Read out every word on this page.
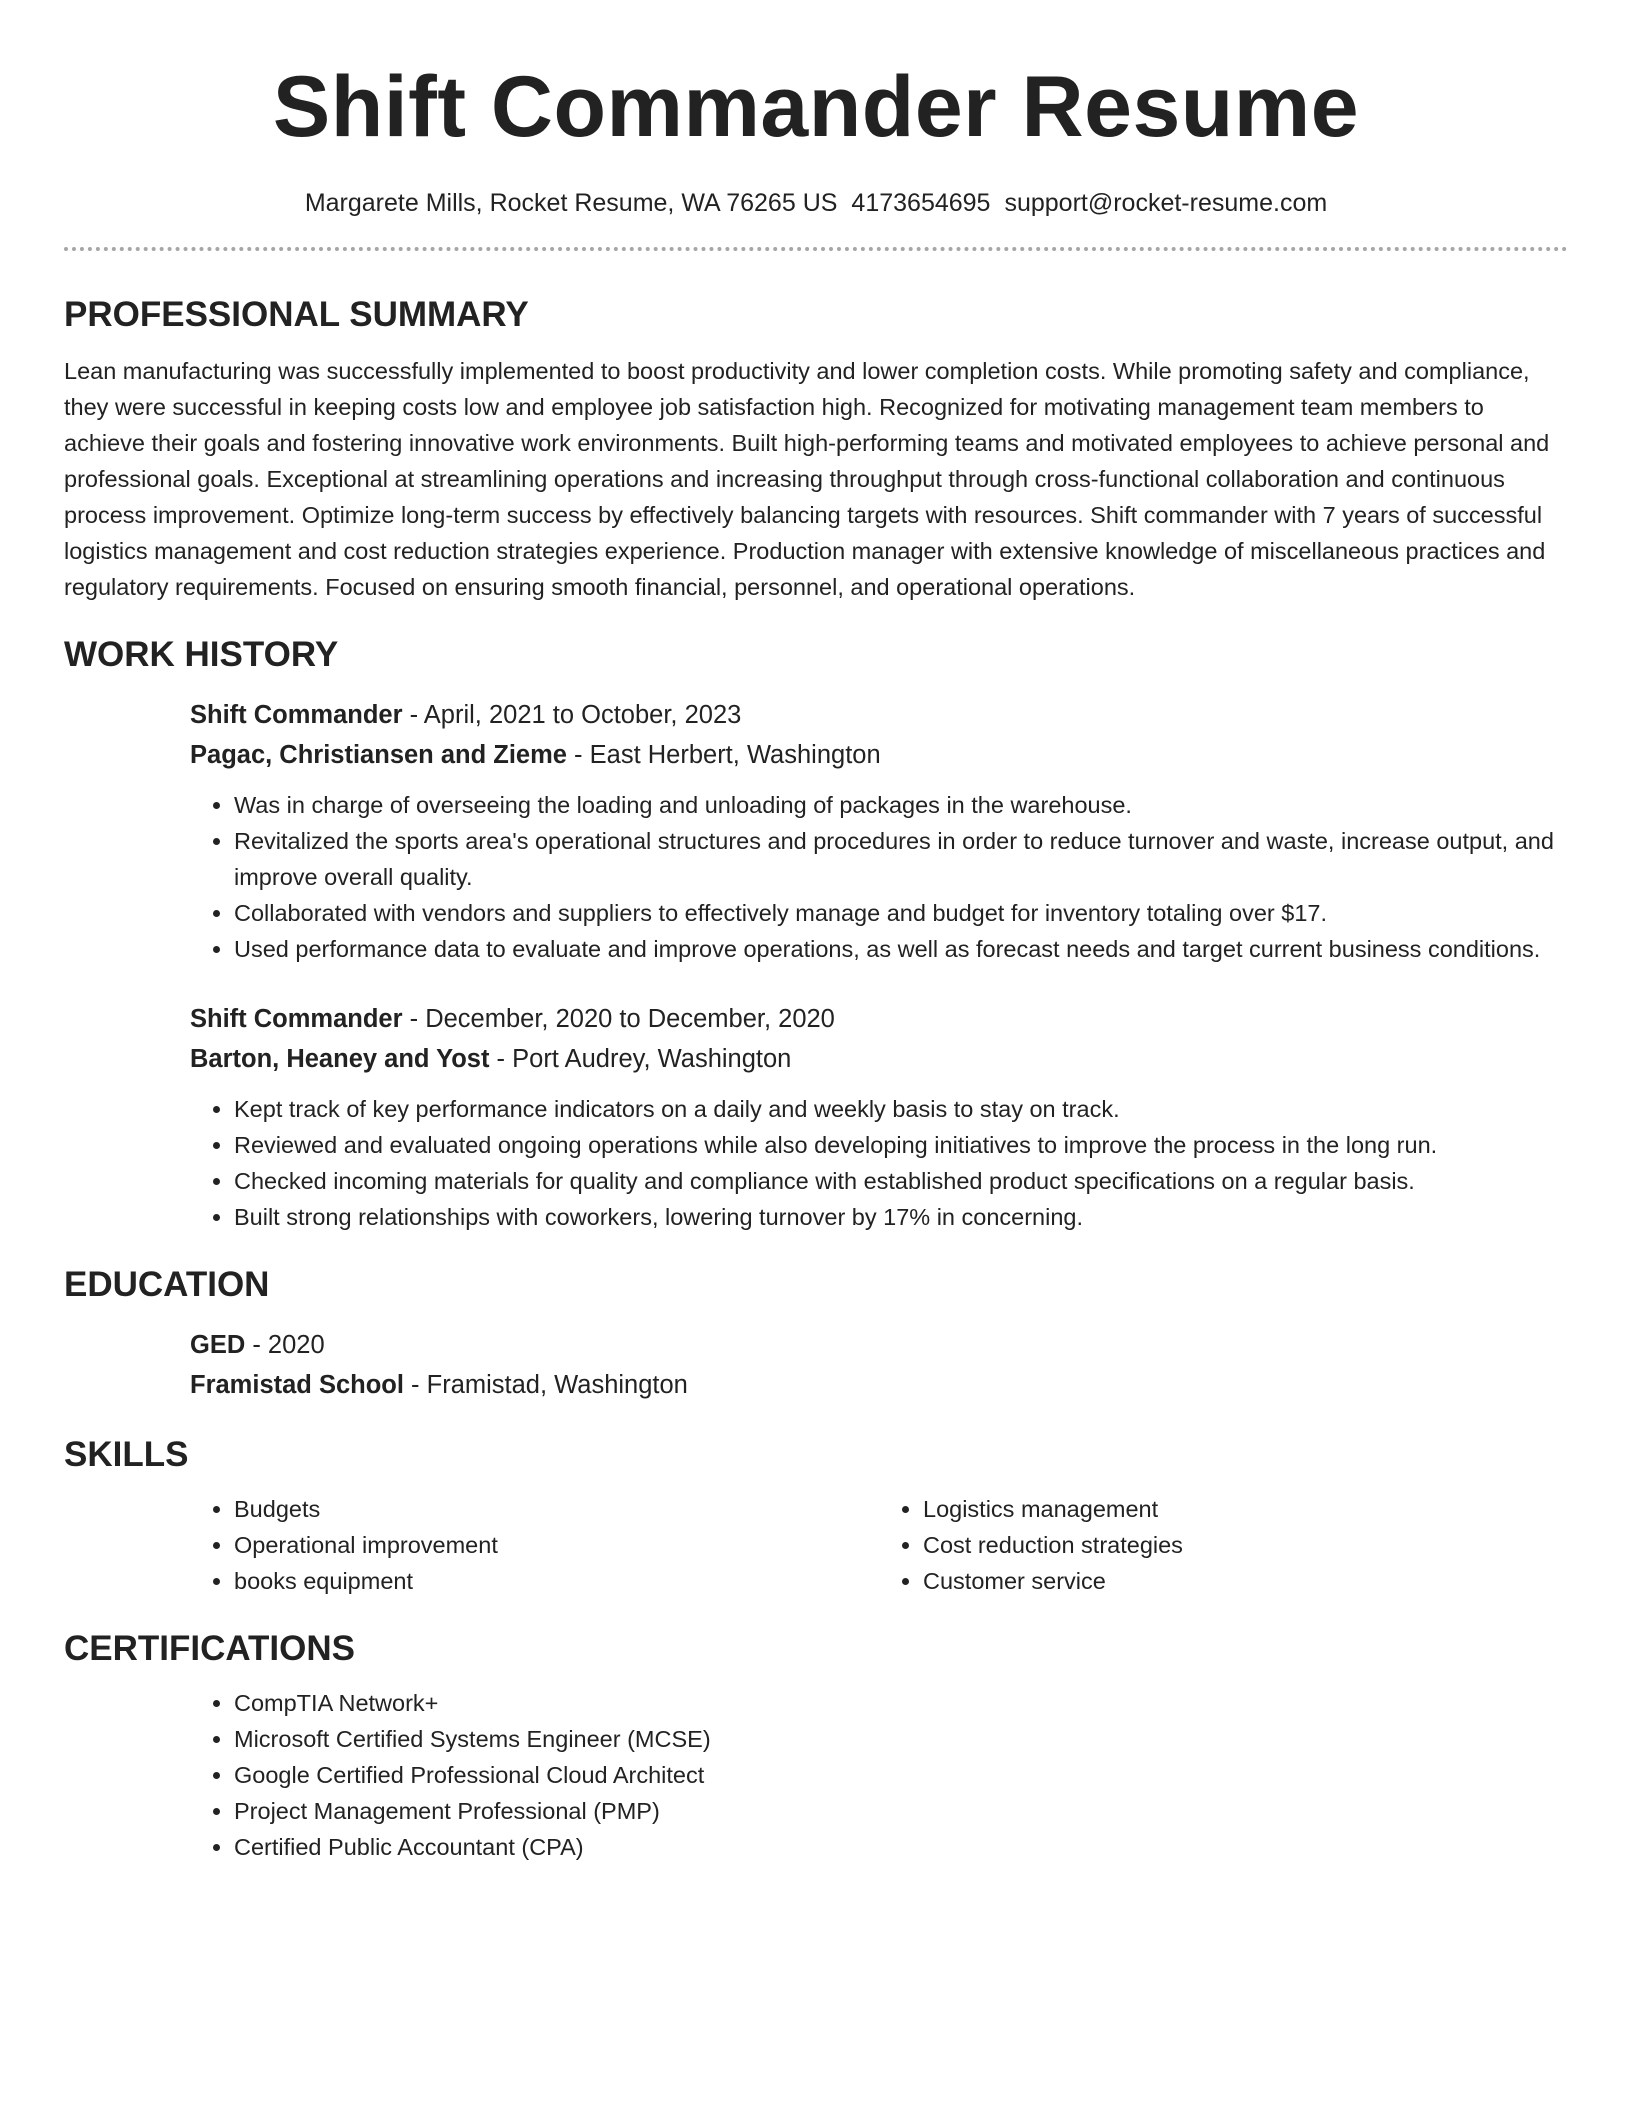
Shift Commander Resume
Margarete Mills, Rocket Resume, WA 76265 US 4173654695 support@rocket-resume.com
PROFESSIONAL SUMMARY

Lean manufacturing was successfully implemented to boost productivity and lower completion costs. While promoting safety and compliance, they were successful in keeping costs low and employee job satisfaction high. Recognized for motivating management team members to achieve their goals and fostering innovative work environments. Built high-performing teams and motivated employees to achieve personal and professional goals. Exceptional at streamlining operations and increasing throughput through cross-functional collaboration and continuous process improvement. Optimize long-term success by effectively balancing targets with resources. Shift commander with 7 years of successful logistics management and cost reduction strategies experience. Production manager with extensive knowledge of miscellaneous practices and regulatory requirements. Focused on ensuring smooth financial, personnel, and operational operations.

WORK HISTORY
Shift Commander - April, 2021 to October, 2023
Pagac, Christiansen and Zieme - East Herbert, Washington
• Was in charge of overseeing the loading and unloading of packages in the warehouse.
• Revitalized the sports area's operational structures and procedures in order to reduce turnover and waste, increase output, and improve overall quality.
• Collaborated with vendors and suppliers to effectively manage and budget for inventory totaling over $17.
• Used performance data to evaluate and improve operations, as well as forecast needs and target current business conditions.
Shift Commander - December, 2020 to December, 2020
Barton, Heaney and Yost - Port Audrey, Washington
• Kept track of key performance indicators on a daily and weekly basis to stay on track.
• Reviewed and evaluated ongoing operations while also developing initiatives to improve the process in the long run.
• Checked incoming materials for quality and compliance with established product specifications on a regular basis.
• Built strong relationships with coworkers, lowering turnover by 17% in concerning.
EDUCATION
GED - 2020
Framistad School - Framistad, Washington
SKILLS
• Budgets
• Operational improvement
• books equipment
• Logistics management
• Cost reduction strategies
• Customer service
CERTIFICATIONS
• CompTIA Network+
• Microsoft Certified Systems Engineer (MCSE)
• Google Certified Professional Cloud Architect
• Project Management Professional (PMP)
• Certified Public Accountant (CPA)
